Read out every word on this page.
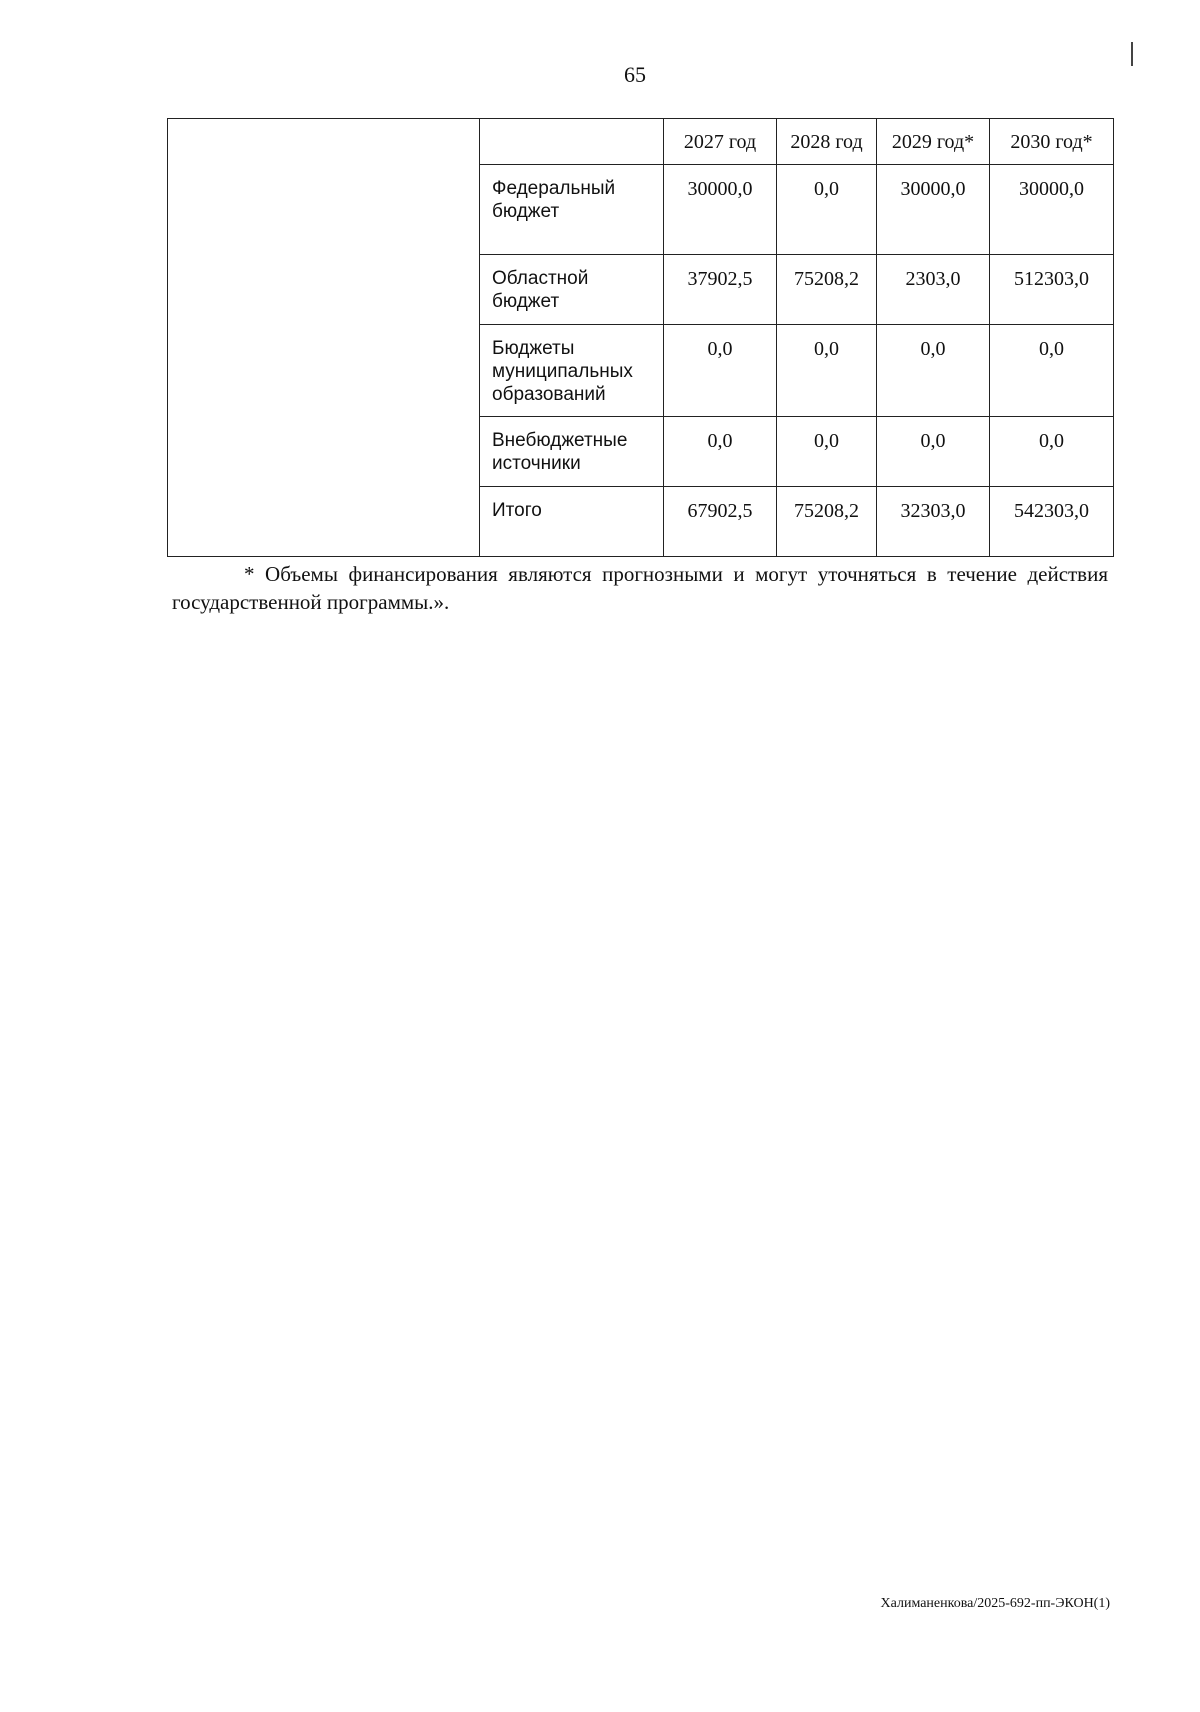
65
		2027 год	2028 год	2029 год*	2030 год*
	Федеральный бюджет	30000,0	0,0	30000,0	30000,0
	Областной бюджет	37902,5	75208,2	2303,0	512303,0
	Бюджеты муниципальных образований	0,0	0,0	0,0	0,0
	Внебюджетные источники	0,0	0,0	0,0	0,0
	Итого	67902,5	75208,2	32303,0	542303,0
* Объемы финансирования являются прогнозными и могут уточняться в течение действия государственной программы.».
Халиманенкова/2025-692-пп-ЭКОН(1)
